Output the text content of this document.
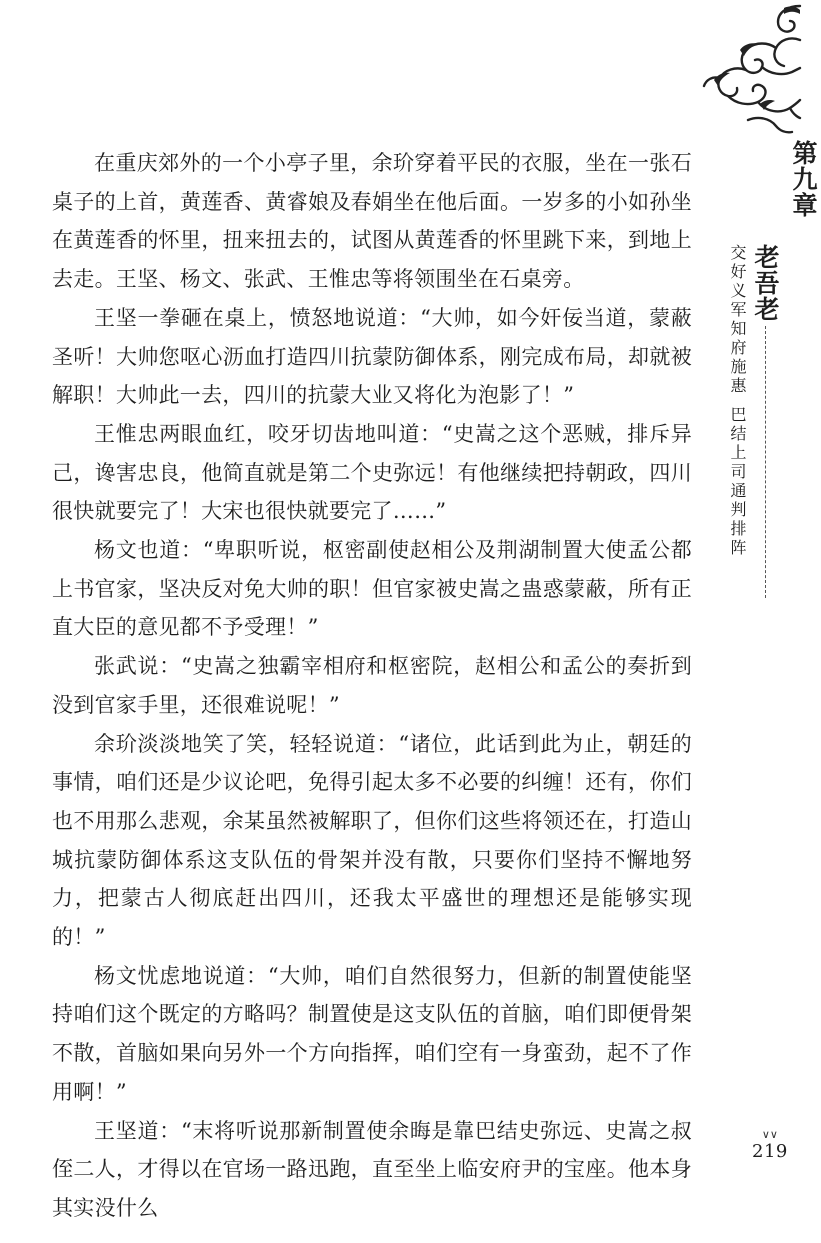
在重庆郊外的一个小亭子里，余玠穿着平民的衣服，坐在一张石桌子的上首，黄莲香、黄睿娘及春娟坐在他后面。一岁多的小如孙坐在黄莲香的怀里，扭来扭去的，试图从黄莲香的怀里跳下来，到地上去走。王坚、杨文、张武、王惟忠等将领围坐在石桌旁。

王坚一拳砸在桌上，愤怒地说道：“大帅，如今奸佞当道，蒙蔽圣听！大帅您呕心沥血打造四川抗蒙防御体系，刚完成布局，却就被解职！大帅此一去，四川的抗蒙大业又将化为泡影了！”

王惟忠两眼血红，咬牙切齿地叫道：“史嵩之这个恶贼，排斥异己，谗害忠良，他简直就是第二个史弥远！有他继续把持朝政，四川很快就要完了！大宋也很快就要完了……”

杨文也道：“卑职听说，枢密副使赵相公及荆湖制置大使孟公都上书官家，坚决反对免大帅的职！但官家被史嵩之蛊惑蒙蔽，所有正直大臣的意见都不予受理！”

张武说：“史嵩之独霸宰相府和枢密院，赵相公和孟公的奏折到没到官家手里，还很难说呢！”

余玠淡淡地笑了笑，轻轻说道：“诸位，此话到此为止，朝廷的事情，咱们还是少议论吧，免得引起太多不必要的纠缠！还有，你们也不用那么悲观，余某虽然被解职了，但你们这些将领还在，打造山城抗蒙防御体系这支队伍的骨架并没有散，只要你们坚持不懈地努力，把蒙古人彻底赶出四川，还我太平盛世的理想还是能够实现的！”

杨文忧虑地说道：“大帅，咱们自然很努力，但新的制置使能坚持咱们这个既定的方略吗？制置使是这支队伍的首脑，咱们即便骨架不散，首脑如果向另外一个方向指挥，咱们空有一身蛮劲，起不了作用啊！”

王坚道：“末将听说那新制置使余晦是靠巴结史弥远、史嵩之叔侄二人，才得以在官场一路迅跑，直至坐上临安府尹的宝座。他本身其实没什么

第九章
老吾老
交好义军知府施惠巴结上司通判排阵
∨∨
219
